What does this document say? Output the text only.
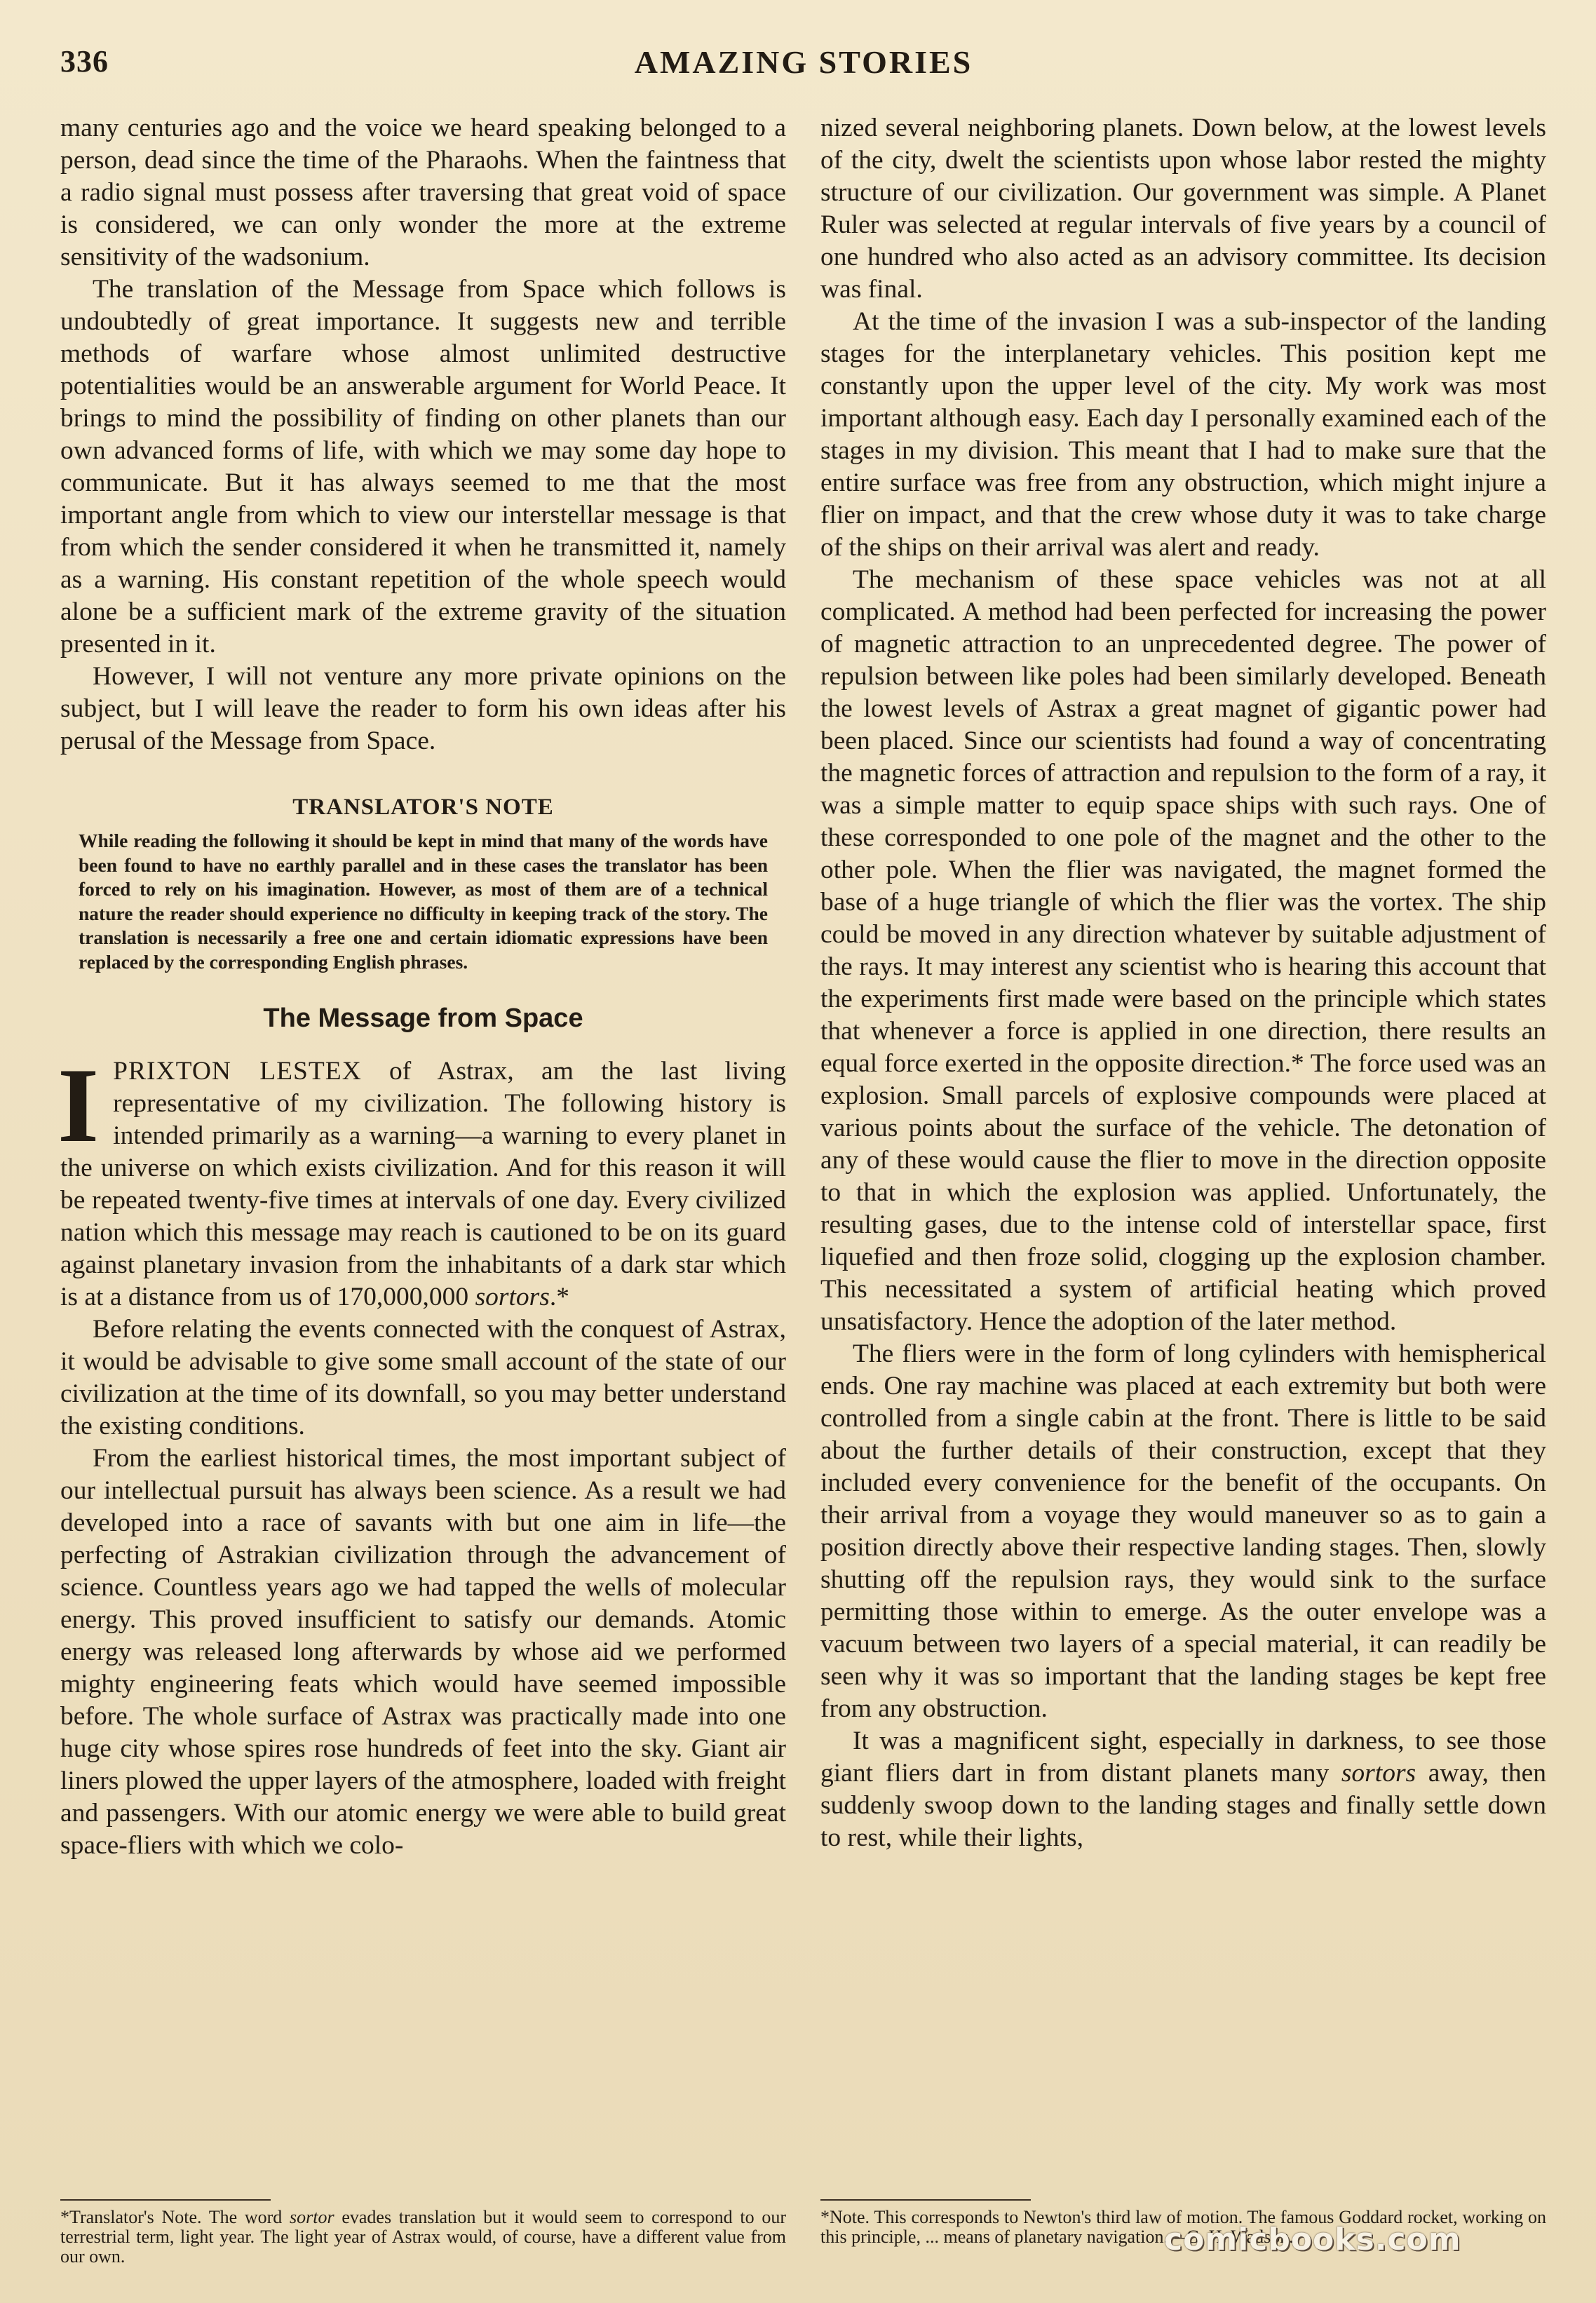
336	AMAZING STORIES

many centuries ago and the voice we heard speaking belonged to a person, dead since the time of the Pharaohs. When the faintness that a radio signal must possess after traversing that great void of space is considered, we can only wonder the more at the extreme sensitivity of the wadsonium.

The translation of the Message from Space which follows is undoubtedly of great importance. It suggests new and terrible methods of warfare whose almost unlimited destructive potentialities would be an answerable argument for World Peace. It brings to mind the possibility of finding on other planets than our own advanced forms of life, with which we may some day hope to communicate. But it has always seemed to me that the most important angle from which to view our interstellar message is that from which the sender considered it when he transmitted it, namely as a warning. His constant repetition of the whole speech would alone be a sufficient mark of the extreme gravity of the situation presented in it.

However, I will not venture any more private opinions on the subject, but I will leave the reader to form his own ideas after his perusal of the Message from Space.

TRANSLATOR'S NOTE

While reading the following it should be kept in mind that many of the words have been found to have no earthly parallel and in these cases the translator has been forced to rely on his imagination. However, as most of them are of a technical nature the reader should experience no difficulty in keeping track of the story. The translation is necessarily a free one and certain idiomatic expressions have been replaced by the corresponding English phrases.

The Message from Space

IPRIXTON LESTEX of Astrax, am the last living representative of my civilization. The following history is intended primarily as a warning—a warning to every planet in the universe on which exists civilization. And for this reason it will be repeated twenty-five times at intervals of one day. Every civilized nation which this message may reach is cautioned to be on its guard against planetary invasion from the inhabitants of a dark star which is at a distance from us of 170,000,000 sortors.*

Before relating the events connected with the conquest of Astrax, it would be advisable to give some small account of the state of our civilization at the time of its downfall, so you may better understand the existing conditions.

From the earliest historical times, the most important subject of our intellectual pursuit has always been science. As a result we had developed into a race of savants with but one aim in life—the perfecting of Astrakian civilization through the advancement of science. Countless years ago we had tapped the wells of molecular energy. This proved insufficient to satisfy our demands. Atomic energy was released long afterwards by whose aid we performed mighty engineering feats which would have seemed impossible before. The whole surface of Astrax was practically made into one huge city whose spires rose hundreds of feet into the sky. Giant air liners plowed the upper layers of the atmosphere, loaded with freight and passengers. With our atomic energy we were able to build great space-fliers with which we colo-

nized several neighboring planets. Down below, at the lowest levels of the city, dwelt the scientists upon whose labor rested the mighty structure of our civilization. Our government was simple. A Planet Ruler was selected at regular intervals of five years by a council of one hundred who also acted as an advisory committee. Its decision was final.

At the time of the invasion I was a sub-inspector of the landing stages for the interplanetary vehicles. This position kept me constantly upon the upper level of the city. My work was most important although easy. Each day I personally examined each of the stages in my division. This meant that I had to make sure that the entire surface was free from any obstruction, which might injure a flier on impact, and that the crew whose duty it was to take charge of the ships on their arrival was alert and ready.

The mechanism of these space vehicles was not at all complicated. A method had been perfected for increasing the power of magnetic attraction to an unprecedented degree. The power of repulsion between like poles had been similarly developed. Beneath the lowest levels of Astrax a great magnet of gigantic power had been placed. Since our scientists had found a way of concentrating the magnetic forces of attraction and repulsion to the form of a ray, it was a simple matter to equip space ships with such rays. One of these corresponded to one pole of the magnet and the other to the other pole. When the flier was navigated, the magnet formed the base of a huge triangle of which the flier was the vortex. The ship could be moved in any direction whatever by suitable adjustment of the rays. It may interest any scientist who is hearing this account that the experiments first made were based on the principle which states that whenever a force is applied in one direction, there results an equal force exerted in the opposite direction.* The force used was an explosion. Small parcels of explosive compounds were placed at various points about the surface of the vehicle. The detonation of any of these would cause the flier to move in the direction opposite to that in which the explosion was applied. Unfortunately, the resulting gases, due to the intense cold of interstellar space, first liquefied and then froze solid, clogging up the explosion chamber. This necessitated a system of artificial heating which proved unsatisfactory. Hence the adoption of the later method.

The fliers were in the form of long cylinders with hemispherical ends. One ray machine was placed at each extremity but both were controlled from a single cabin at the front. There is little to be said about the further details of their construction, except that they included every convenience for the benefit of the occupants. On their arrival from a voyage they would maneuver so as to gain a position directly above their respective landing stages. Then, slowly shutting off the repulsion rays, they would sink to the surface permitting those within to emerge. As the outer envelope was a vacuum between two layers of a special material, it can readily be seen why it was so important that the landing stages be kept free from any obstruction.

It was a magnificent sight, especially in darkness, to see those giant fliers dart in from distant planets many sortors away, then suddenly swoop down to the landing stages and finally settle down to rest, while their lights,

*Translator's Note. The word sortor evades translation but it would seem to correspond to our terrestrial term, light year. The light year of Astrax would, of course, have a different value from our own.
*Note. This corresponds to Newton's third law of motion. The famous Goddard rocket, working on this principle, ... means of planetary navigation.—G. H. Wadson.
comicbooks.com
